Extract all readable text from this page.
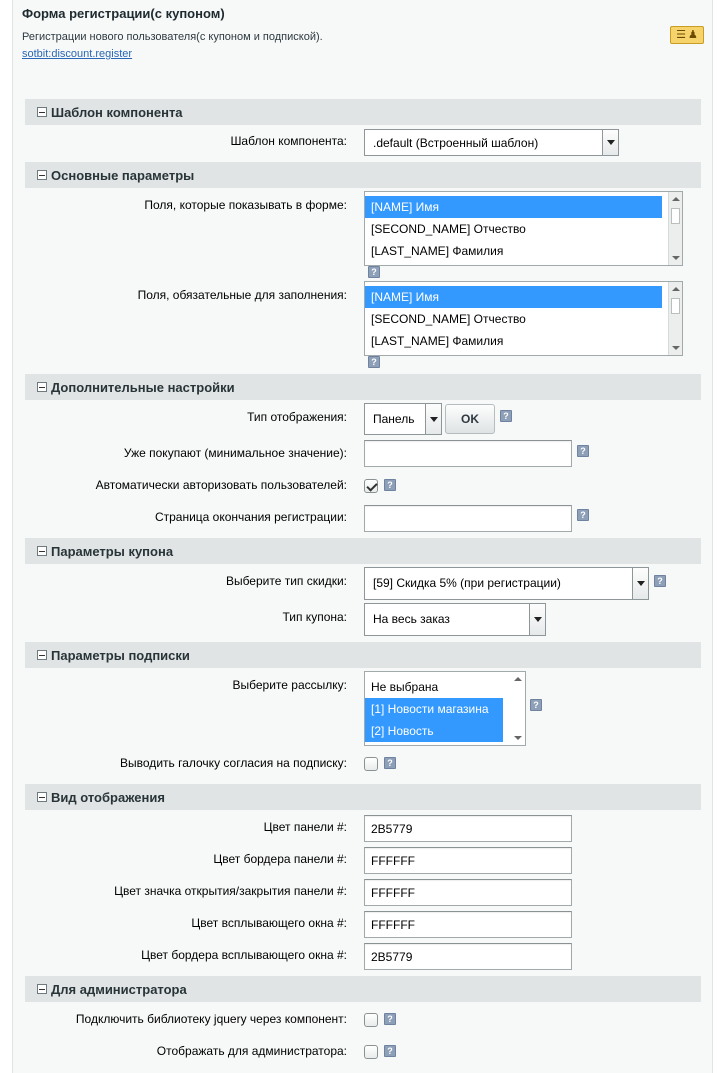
Форма регистрации(с купоном)
Регистрации нового пользователя(с купоном и подпиской).
sotbit:discount.register
☰ ♟
Шаблон компонента
Шаблон компонента:	.default (Встроенный шаблон)
Основные параметры
Поля, которые показывать в форме:	[NAME] Имя
[SECOND_NAME] Отчество
[LAST_NAME] Фамилия
?
Поля, обязательные для заполнения:	[NAME] Имя
[SECOND_NAME] Отчество
[LAST_NAME] Фамилия
?
Дополнительные настройки
Тип отображения:	Панель	OK	?
Уже покупают (минимальное значение):	?
Автоматически авторизовать пользователей:	?
Страница окончания регистрации:	?
Параметры купона
Выберите тип скидки:	[59] Скидка 5% (при регистрации)	?
Тип купона:	На весь заказ
Параметры подписки
Выберите рассылку:	Не выбрана
[1] Новости магазина
[2] Новость
?
Выводить галочку согласия на подписку:	?
Вид отображения
Цвет панели #:	2B5779
Цвет бордера панели #:	FFFFFF
Цвет значка открытия/закрытия панели #:	FFFFFF
Цвет всплывающего окна #:	FFFFFF
Цвет бордера всплывающего окна #:	2B5779
Для администратора
Подключить библиотеку jquery через компонент:	?
Отображать для администратора:	?
